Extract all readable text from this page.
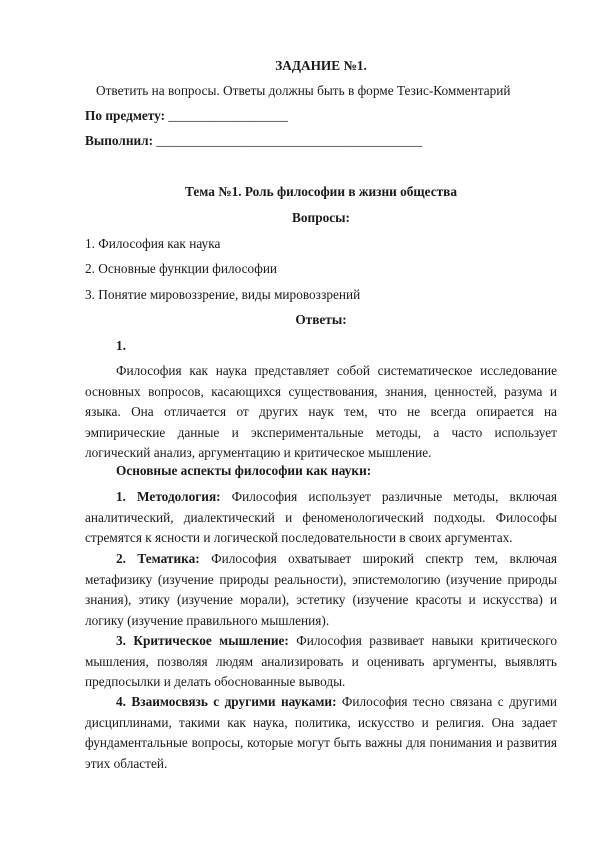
ЗАДАНИЕ №1.
Ответить на вопросы. Ответы должны быть в форме Тезис-Комментарий
По предмету: __________________
Выполнил: ________________________________________
Тема №1. Роль философии в жизни общества
Вопросы:
1. Философия как наука
2. Основные функции философии
3. Понятие мировоззрение, виды мировоззрений
Ответы:
1.
Философия как наука представляет собой систематическое исследование основных вопросов, касающихся существования, знания, ценностей, разума и языка. Она отличается от других наук тем, что не всегда опирается на эмпирические данные и экспериментальные методы, а часто использует логический анализ, аргументацию и критическое мышление.
Основные аспекты философии как науки:
1. Методология: Философия использует различные методы, включая аналитический, диалектический и феноменологический подходы. Философы стремятся к ясности и логической последовательности в своих аргументах.
2. Тематика: Философия охватывает широкий спектр тем, включая метафизику (изучение природы реальности), эпистемологию (изучение природы знания), этику (изучение морали), эстетику (изучение красоты и искусства) и логику (изучение правильного мышления).
3. Критическое мышление: Философия развивает навыки критического мышления, позволяя людям анализировать и оценивать аргументы, выявлять предпосылки и делать обоснованные выводы.
4. Взаимосвязь с другими науками: Философия тесно связана с другими дисциплинами, такими как наука, политика, искусство и религия. Она задает фундаментальные вопросы, которые могут быть важны для понимания и развития этих областей.
